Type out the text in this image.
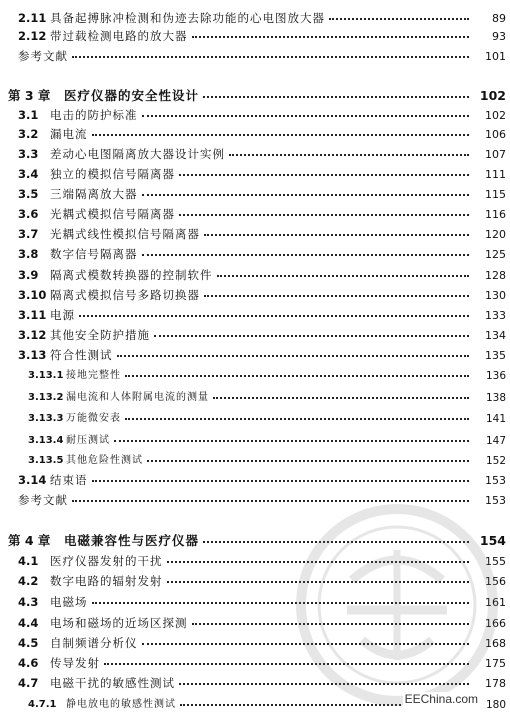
2.11 具备起搏脉冲检测和伪迹去除功能的心电图放大器	89
2.12 带过载检测电路的放大器	93
参考文献	101
第 3 章	医疗仪器的安全性设计	102
3.1	电击的防护标准	102
3.2	漏电流	106
3.3	差动心电图隔离放大器设计实例	107
3.4	独立的模拟信号隔离器	111
3.5	三端隔离放大器	115
3.6	光耦式模拟信号隔离器	116
3.7	光耦式线性模拟信号隔离器	120
3.8	数字信号隔离器	125
3.9	隔离式模数转换器的控制软件	128
3.10 隔离式模拟信号多路切换器	130
3.11 电源	133
3.12 其他安全防护措施	134
3.13 符合性测试	135
3.13.1 接地完整性	136
3.13.2 漏电流和人体附属电流的测量	138
3.13.3 万能微安表	141
3.13.4 耐压测试	147
3.13.5 其他危险性测试	152
3.14 结束语	153
参考文献	153
第 4 章	电磁兼容性与医疗仪器	154
4.1	医疗仪器发射的干扰	155
4.2	数字电路的辐射发射	156
4.3	电磁场	161
4.4	电场和磁场的近场区探测	166
4.5	自制频谱分析仪	168
4.6	传导发射	175
4.7	电磁干扰的敏感性测试	178
4.7.1 静电放电的敏感性测试	180
EEChina.com
